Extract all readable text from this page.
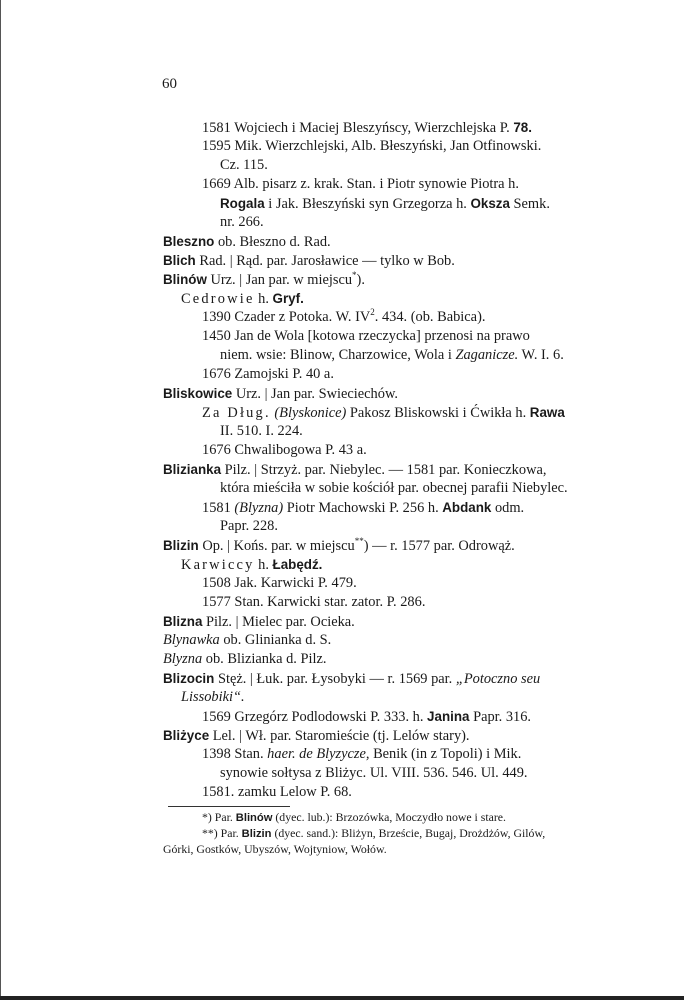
60
1581 Wojciech i Maciej Bleszyńscy, Wierzchlejska P. 78.
1595 Mik. Wierzchlejski, Alb. Błeszyński, Jan Otfinowski.
Cz. 115.
1669 Alb. pisarz z. krak. Stan. i Piotr synowie Piotra h.
Rogala i Jak. Błeszyński syn Grzegorza h. Oksza Semk.
nr. 266.
Bleszno ob. Błeszno d. Rad.
Blich Rad. | Rąd. par. Jarosławice — tylko w Bob.
Blinów Urz. | Jan par. w miejscu*).
Cedrowie h. Gryf.
1390 Czader z Potoka. W. $IV^2$. 434. (ob. Babica).
1450 Jan de Wola [kotowa rzeczycka] przenosi na prawo
niem. wsie: Blinow, Charzowice, Wola i Zaganicze. W. I. 6.
1676 Zamojski P. 40 a.
Bliskowice Urz. | Jan par. Swieciechów.
Za Dług. (Blyskonice) Pakosz Bliskowski i Ćwikła h. Rawa
II. 510. I. 224.
1676 Chwalibogowa P. 43 a.
Blizianka Pilz. | Strzyż. par. Niebylec. — 1581 par. Konieczkowa,
która mieściła w sobie kościół par. obecnej parafii Niebylec.
1581 (Blyzna) Piotr Machowski P. 256 h. Abdank odm.
Papr. 228.
Blizin Op. | Końs. par. w miejscu**) — r. 1577 par. Odrowąż.
Karwiccy h. Łabędź.
1508 Jak. Karwicki P. 479.
1577 Stan. Karwicki star. zator. P. 286.
Blizna Pilz. | Mielec par. Ocieka.
Blynawka ob. Glinianka d. S.
Blyzna ob. Blizianka d. Pilz.
Blizocin Stęż. | Łuk. par. Łysobyki — r. 1569 par. „Potoczno seu
Lissobiki“.
1569 Grzegórz Podlodowski P. 333. h. Janina Papr. 316.
Bliżyce Lel. | Wł. par. Staromieście (tj. Lelów stary).
1398 Stan. haer. de Blyzycze, Benik (in z Topoli) i Mik.
synowie sołtysa z Bliżyc. Ul. VIII. 536. 546. Ul. 449.
1581. zamku Lelow P. 68.
*) Par. Blinów (dyec. lub.): Brzozówka, Moczydło nowe i stare.
**) Par. Blizin (dyec. sand.): Bliżyn, Brzeście, Bugaj, Drożdżów, Gilów,
Górki, Gostków, Ubyszów, Wojtyniow, Wołów.
